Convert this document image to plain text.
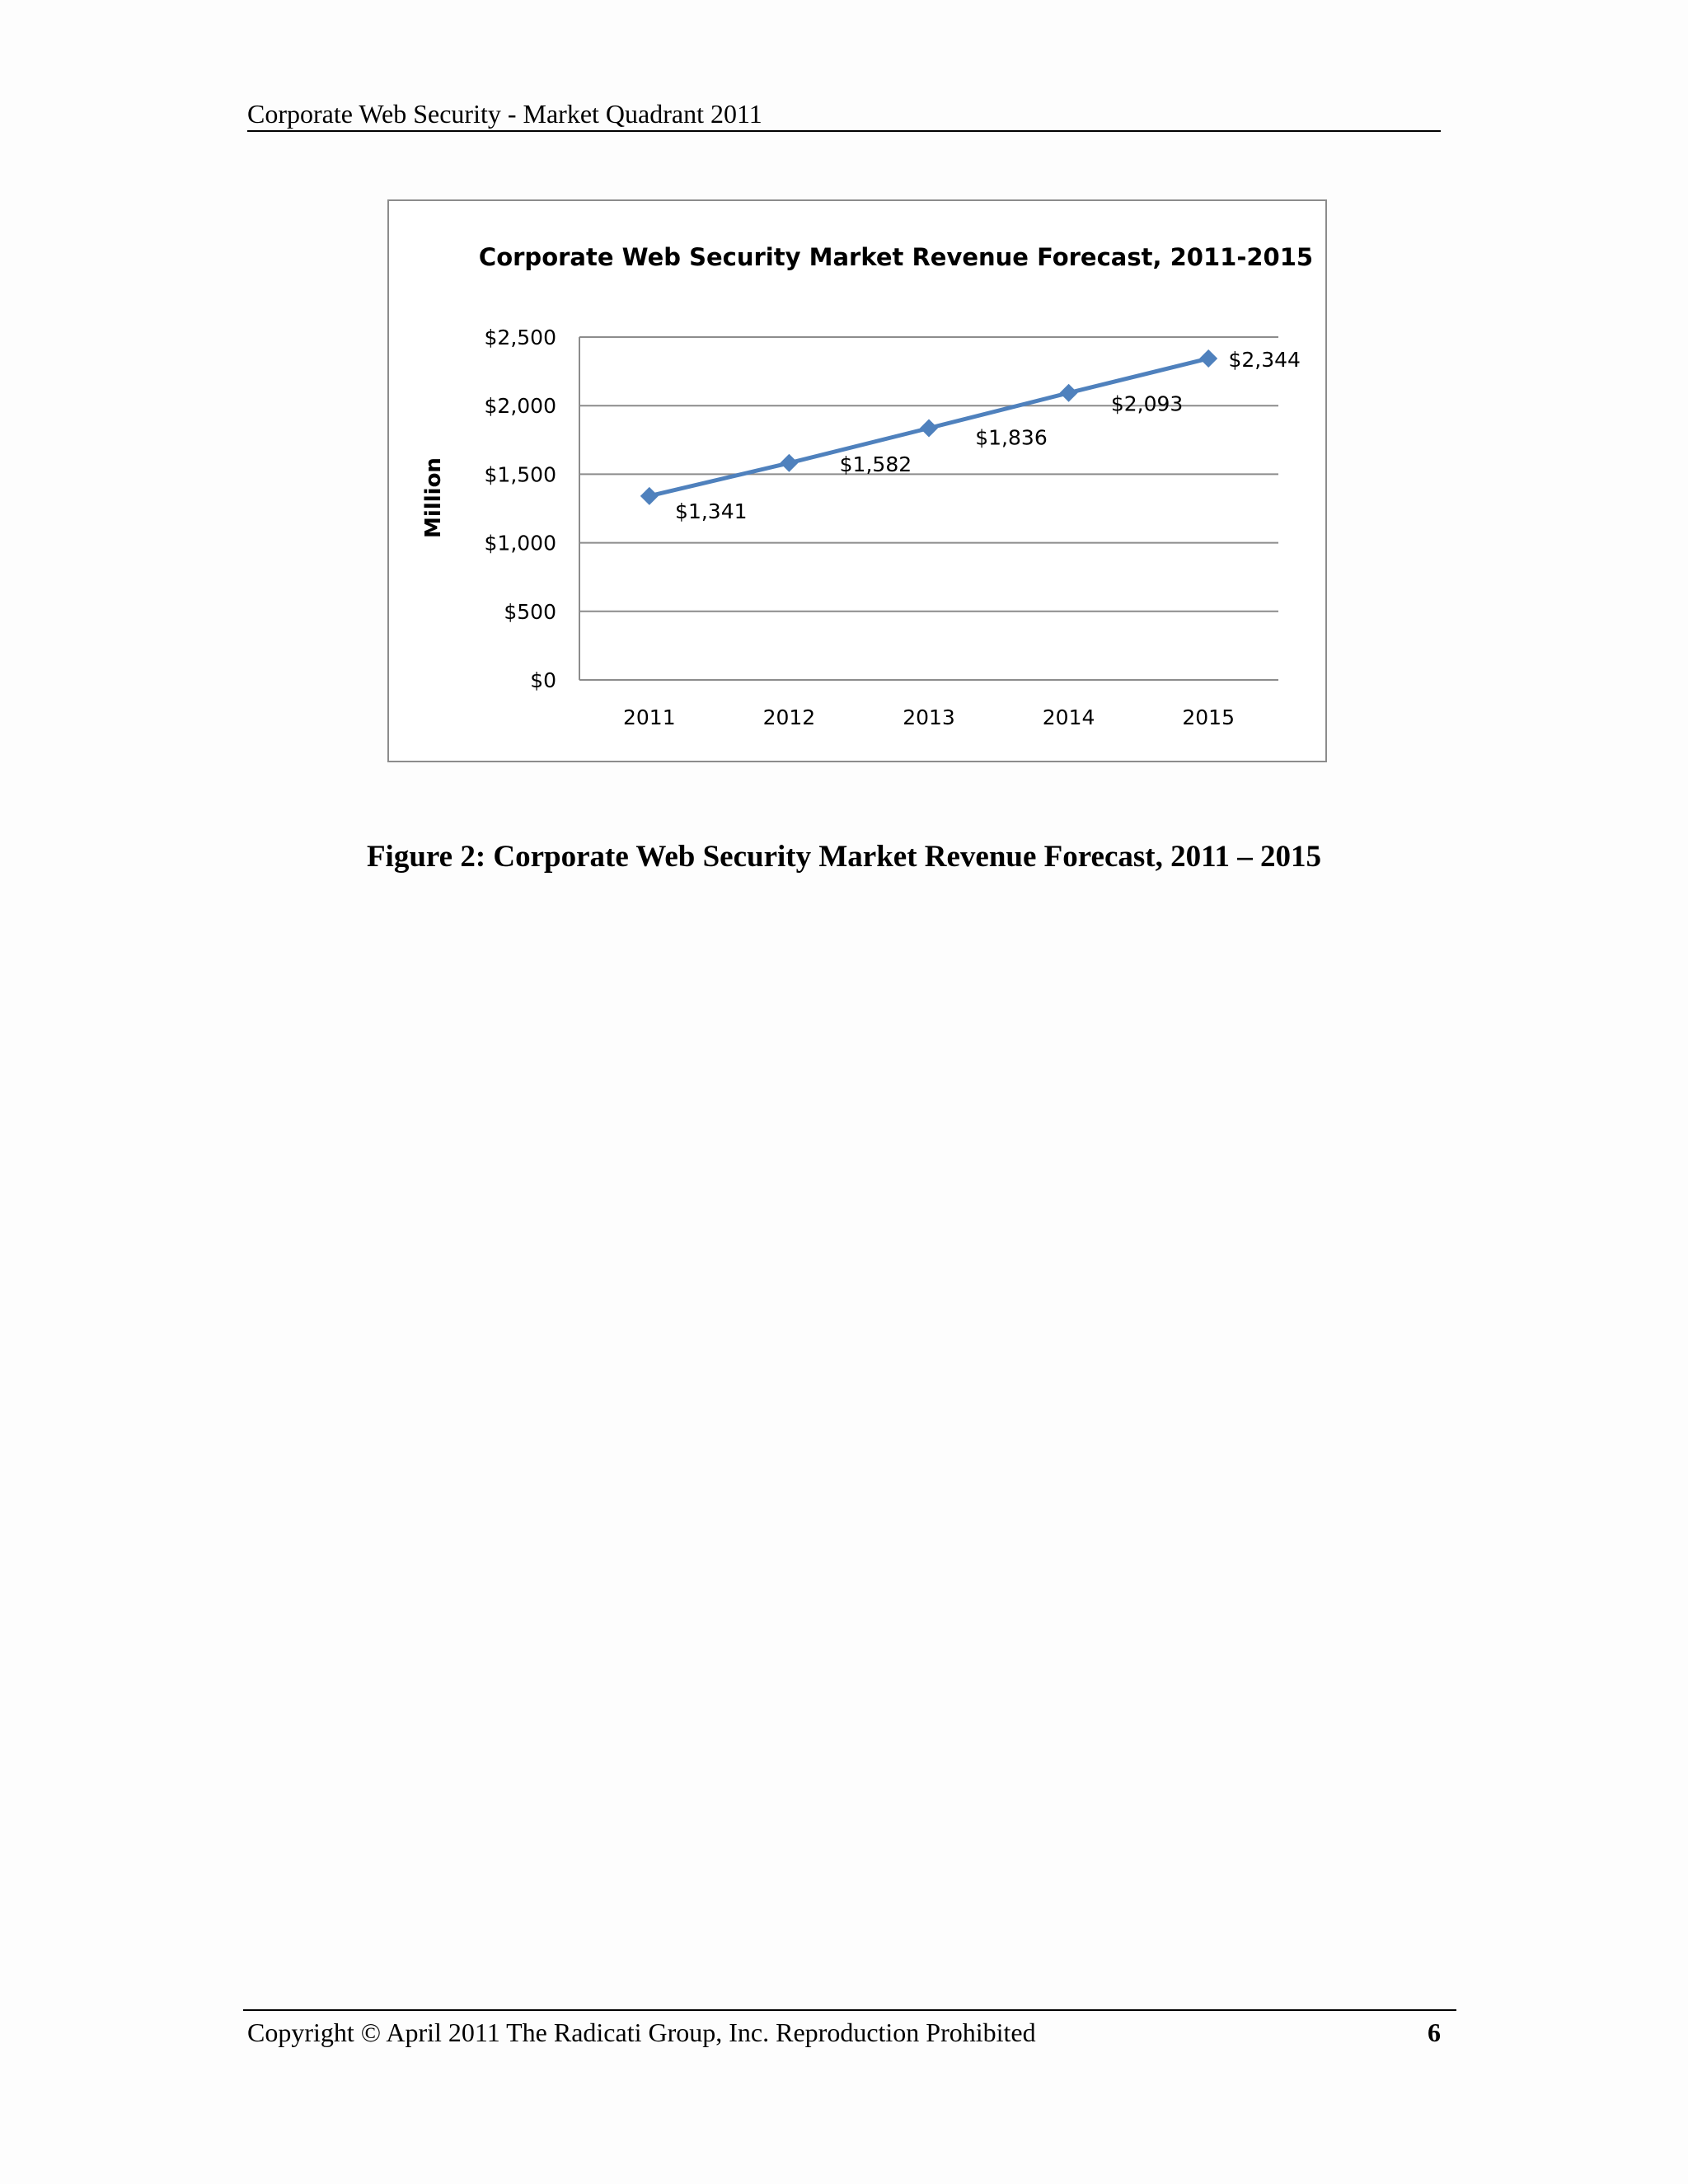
Corporate Web Security - Market Quadrant 2011
Corporate Web Security Market Revenue Forecast, 2011-2015
Million
$0
$500
$1,000
$1,500
$2,000
$2,500
2011	2012	2013	2014	2015
$1,341
$1,582
$1,836
$2,093
$2,344
Figure 2: Corporate Web Security Market Revenue Forecast, 2011 – 2015
Copyright © April 2011 The Radicati Group, Inc. Reproduction Prohibited	6
